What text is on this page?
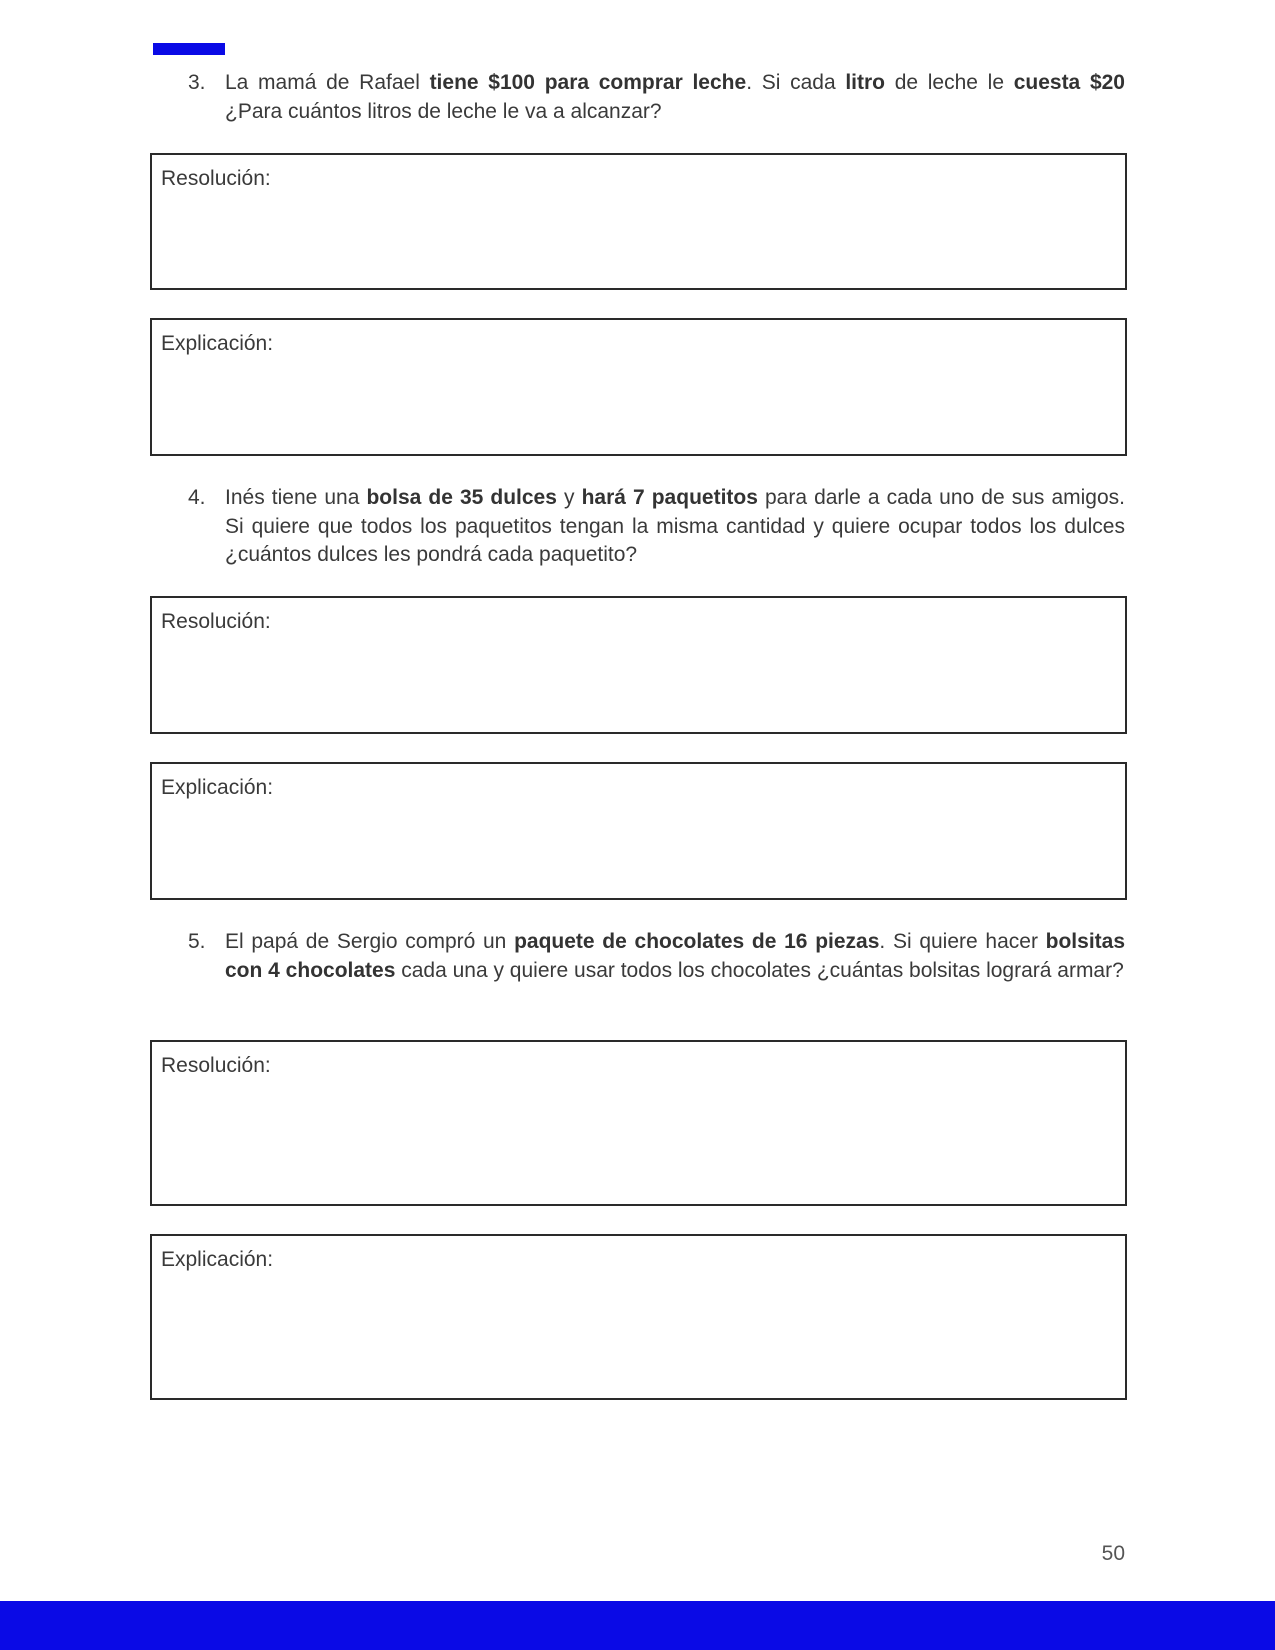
3. La mamá de Rafael tiene $100 para comprar leche. Si cada litro de leche le cuesta $20 ¿Para cuántos litros de leche le va a alcanzar?
Resolución:
Explicación:
4. Inés tiene una bolsa de 35 dulces y hará 7 paquetitos para darle a cada uno de sus amigos. Si quiere que todos los paquetitos tengan la misma cantidad y quiere ocupar todos los dulces ¿cuántos dulces les pondrá cada paquetito?
Resolución:
Explicación:
5. El papá de Sergio compró un paquete de chocolates de 16 piezas. Si quiere hacer bolsitas con 4 chocolates cada una y quiere usar todos los chocolates ¿cuántas bolsitas logrará armar?
Resolución:
Explicación:
50
